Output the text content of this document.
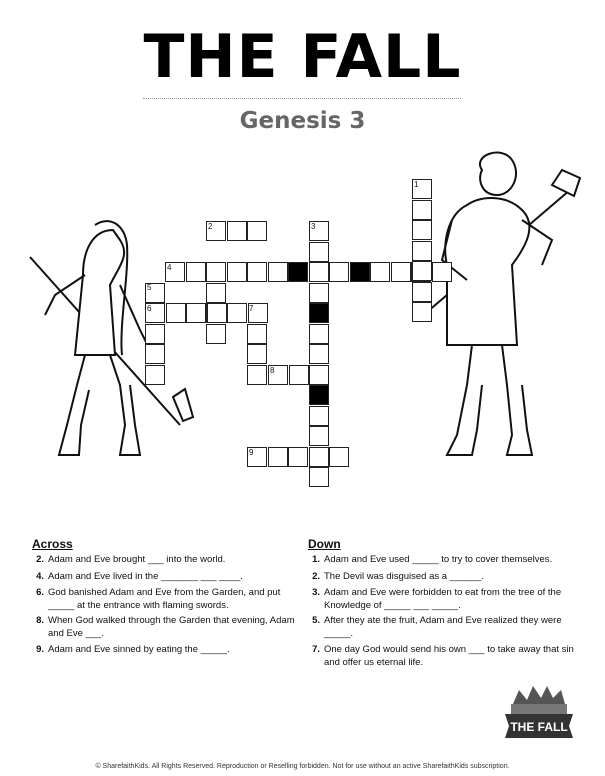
THE FALL
Genesis 3
1
2	3
4
5
6	7
8
9
Across	Down
2. Adam and Eve brought ___ into the world.
4. Adam and Eve lived in the _______ ___ ____.
6. God banished Adam and Eve from the Garden, and put _____ at the entrance with flaming swords.
8. When God walked through the Garden that evening, Adam and Eve ___.
9. Adam and Eve sinned by eating the _____.
1. Adam and Eve used _____ to try to cover themselves.
2. The Devil was disguised as a ______.
3. Adam and Eve were forbidden to eat from the tree of the Knowledge of _____ ___ _____.
5. After they ate the fruit, Adam and Eve realized they were _____.
7. One day God would send his own ___ to take away that sin and offer us eternal life.
THE FALL
© SharefaithKids. All Rights Reserved. Reproduction or Reselling forbidden. Not for use without an active SharefaithKids subscription.
